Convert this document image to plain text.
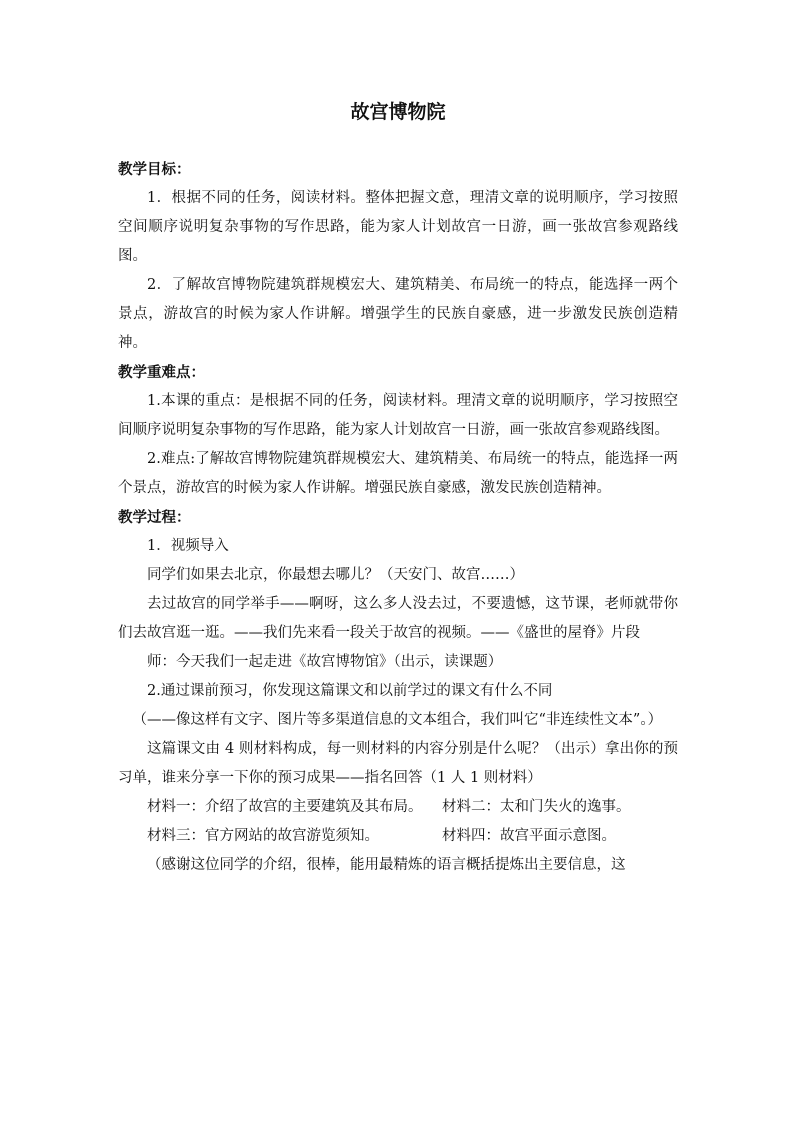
故宫博物院
教学目标：

1．根据不同的任务，阅读材料。整体把握文意，理清文章的说明顺序，学习按照空间顺序说明复杂事物的写作思路，能为家人计划故宫一日游，画一张故宫参观路线图。

2．了解故宫博物院建筑群规模宏大、建筑精美、布局统一的特点，能选择一两个景点，游故宫的时候为家人作讲解。增强学生的民族自豪感，进一步激发民族创造精神。

教学重难点：

1.本课的重点：是根据不同的任务，阅读材料。理清文章的说明顺序，学习按照空间顺序说明复杂事物的写作思路，能为家人计划故宫一日游，画一张故宫参观路线图。

2.难点:了解故宫博物院建筑群规模宏大、建筑精美、布局统一的特点，能选择一两个景点，游故宫的时候为家人作讲解。增强民族自豪感，激发民族创造精神。

教学过程：

1．视频导入

同学们如果去北京，你最想去哪儿？（天安门、故宫……）

去过故宫的同学举手——啊呀，这么多人没去过，不要遗憾，这节课，老师就带你们去故宫逛一逛。——我们先来看一段关于故宫的视频。——《盛世的屋脊》片段

师：今天我们一起走进《故宫博物馆》（出示，读课题）

2.通过课前预习，你发现这篇课文和以前学过的课文有什么不同

（——像这样有文字、图片等多渠道信息的文本组合，我们叫它“非连续性文本”。）

这篇课文由 4 则材料构成，每一则材料的内容分别是什么呢？（出示）拿出你的预习单，谁来分享一下你的预习成果——指名回答（1 人 1 则材料）

材料一：介绍了故宫的主要建筑及其布局。	材料二：太和门失火的逸事。
材料三：官方网站的故宫游览须知。	材料四：故宫平面示意图。

（感谢这位同学的介绍，很棒，能用最精炼的语言概括提炼出主要信息，这
